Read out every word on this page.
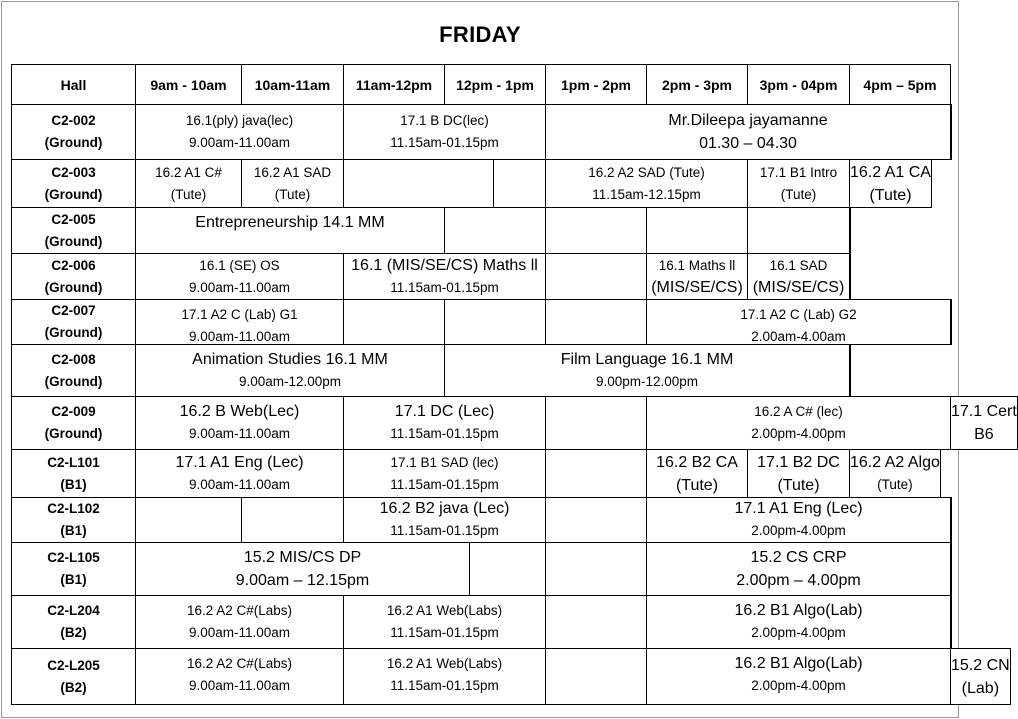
FRIDAY
Hall	9am - 10am 10am-11am 11am-12pm 12pm - 1pm 1pm - 2pm 2pm - 3pm 3pm - 04pm 4pm – 5pm
C2-002
(Ground)
16.1(ply) java(lec)
9.00am-11.00am
17.1 B DC(lec)
11.15am-01.15pm
Mr.Dileepa jayamanne
01.30 – 04.30
C2-003
(Ground)
16.2 A1 C#
(Tute)
16.2 A1 SAD
(Tute)
16.2 A2 SAD (Tute)
11.15am-12.15pm
17.1 B1 Intro
(Tute)
16.2 A1 CA
(Tute)
C2-005
(Ground)
Entrepreneurship 14.1 MM
C2-006
(Ground)
16.1 (SE) OS
9.00am-11.00am
16.1 (MIS/SE/CS) Maths ll
11.15am-01.15pm
16.1 Maths ll
(MIS/SE/CS)
16.1 SAD
(MIS/SE/CS)
C2-007
(Ground)
17.1 A2 C (Lab) G1
9.00am-11.00am
17.1 A2 C (Lab) G2
2.00am-4.00am
C2-008
(Ground)
Animation Studies 16.1 MM
9.00am-12.00pm
Film Language 16.1 MM
9.00pm-12.00pm
C2-009
(Ground)
16.2 B Web(Lec)
9.00am-11.00am
17.1 DC (Lec)
11.15am-01.15pm
16.2 A C# (lec)
2.00pm-4.00pm
17.1 Cert
B6
C2-L101
(B1)
17.1 A1 Eng (Lec)
9.00am-11.00am
17.1 B1 SAD (lec)
11.15am-01.15pm
16.2 B2 CA
(Tute)
17.1 B2 DC
(Tute)
16.2 A2 Algo
(Tute)
C2-L102
(B1)
16.2 B2 java (Lec)
11.15am-01.15pm
17.1 A1 Eng (Lec)
2.00pm-4.00pm
C2-L105
(B1)
15.2 MIS/CS DP
9.00am – 12.15pm
15.2 CS CRP
2.00pm – 4.00pm
C2-L204
(B2)
16.2 A2 C#(Labs)
9.00am-11.00am
16.2 A1 Web(Labs)
11.15am-01.15pm
16.2 B1 Algo(Lab)
2.00pm-4.00pm
C2-L205
(B2)
16.2 A2 C#(Labs)
9.00am-11.00am
16.2 A1 Web(Labs)
11.15am-01.15pm
16.2 B1 Algo(Lab)
2.00pm-4.00pm
15.2 CN
(Lab)
